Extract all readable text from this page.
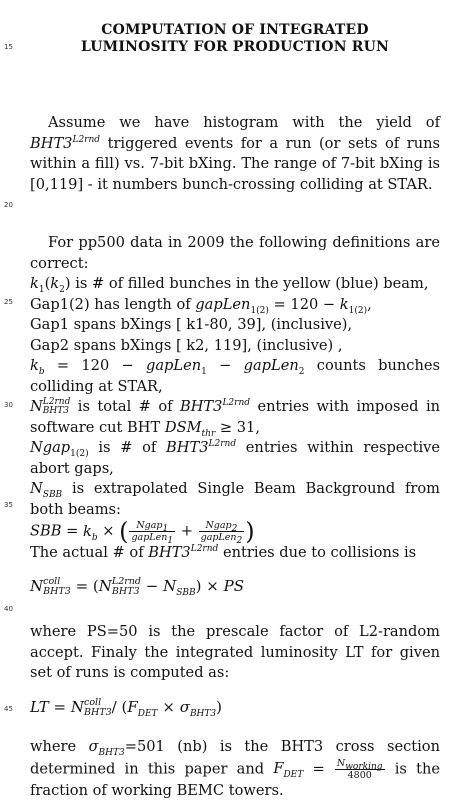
COMPUTATION OF INTEGRATED
LUMINOSITY FOR PRODUCTION RUN
15
20
25
30
35
40
45
Assume we have histogram with the yield of $BHT3^{L2rnd}$ triggered events for a run (or sets of runs within a fill) vs. 7-bit bXing. The range of 7-bit bXing is [0,119] - it numbers bunch-crossing colliding at STAR.

For pp500 data in 2009 the following definitions are correct:

$k_1(k_2)$ is # of filled bunches in the yellow (blue) beam,

Gap1(2) has length of gapLen$_{1(2)}$ = $120 - k_{1(2)}$,

Gap1 spans bXings [ k1-80, 39], (inclusive),

Gap2 spans bXings [ k2, 119], (inclusive) ,

$k_b = 120$ − gapLen$_1$ − gapLen$_2$ counts bunches colliding at STAR,

N L2rnd
BHT3 is total # of $BHT3^{L2rnd}$ entries with imposed in software cut BHT $DSM_{thr} \ge 31$,

Ngap$_{1(2)}$ is # of $BHT3^{L2rnd}$ entries within respective abort gaps,

$N_{SBB}$ is extrapolated Single Beam Background from both beams:

SBB = $k_b$ × ( $\frac{Ngap_1}{gapLen_1} + \frac{Ngap_2}{gapLen_2}$ )

The actual # of $BHT3^{L2rnd}$ entries due to collisions is

N coll
BHT3 = (N L2rnd
$BHT3 - N_{SBB}$) × PS
where PS=50 is the prescale factor of L2-random accept. Finaly the integrated luminosity LT for given set of runs is computed as:
LT = N coll
$BHT3 / (F_{DET} \times \sigma_{BHT3})$
where $\sigma_{BHT3}=501$ (nb) is the BHT3 cross section determined in this paper and $F_{DET} = \frac{N_{working}}{4800}$ is the fraction of working BEMC towers.
